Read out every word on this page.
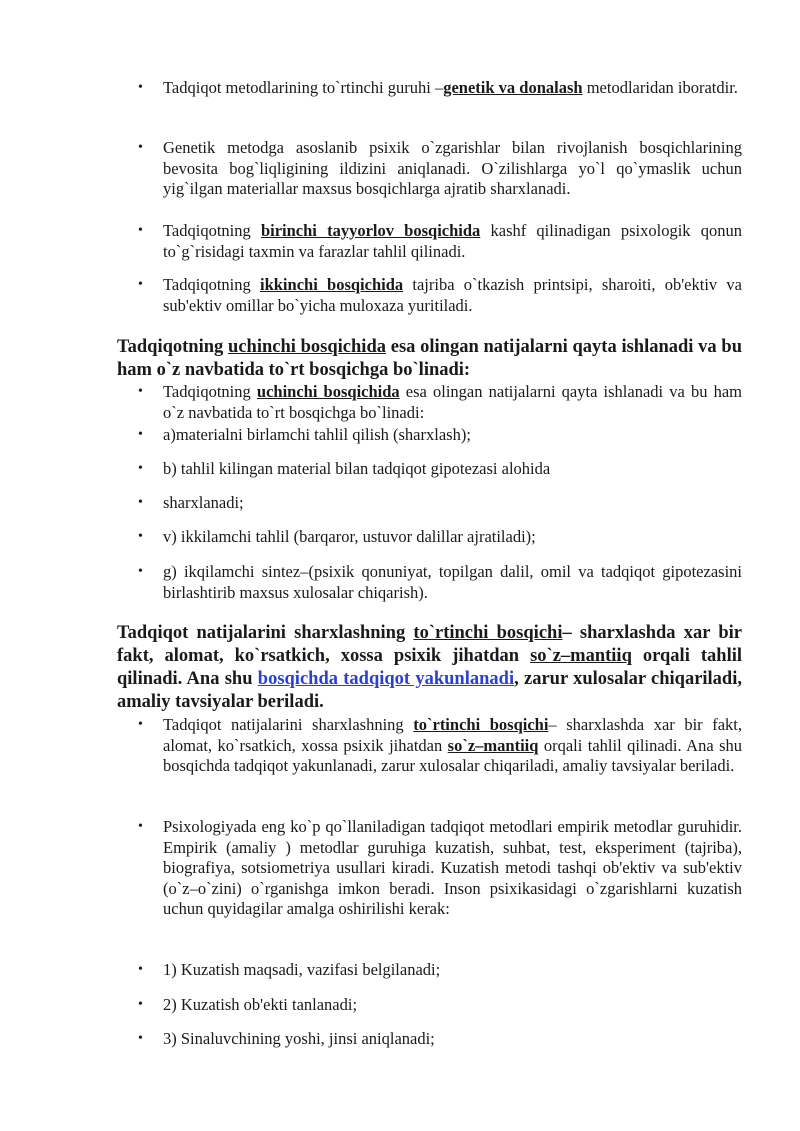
• Tadqiqot metodlarining to`rtinchi guruhi –genetik va donalash metodlaridan iboratdir.
• Genetik metodga asoslanib psixik o`zgarishlar bilan rivojlanish bosqichlarining bevosita bog`liqligining ildizini aniqlanadi. O`zilishlarga yo`l qo`ymaslik uchun yig`ilgan materiallar maxsus bosqichlarga ajratib sharxlanadi.
• Tadqiqotning birinchi tayyorlov bosqichida kashf qilinadigan psixologik qonun to`g`risidagi taxmin va farazlar tahlil qilinadi.
• Tadqiqotning ikkinchi bosqichida tajriba o`tkazish printsipi, sharoiti, ob'ektiv va sub'ektiv omillar bo`yicha muloxaza yuritiladi.
Tadqiqotning uchinchi bosqichida esa olingan natijalarni qayta ishlanadi va bu ham o`z navbatida to`rt bosqichga bo`linadi:
• Tadqiqotning uchinchi bosqichida esa olingan natijalarni qayta ishlanadi va bu ham o`z navbatida to`rt bosqichga bo`linadi:
• a)materialni birlamchi tahlil qilish (sharxlash);
• b) tahlil kilingan material bilan tadqiqot gipotezasi alohida
• sharxlanadi;
• v) ikkilamchi tahlil (barqaror, ustuvor dalillar ajratiladi);
• g) ikqilamchi sintez–(psixik qonuniyat, topilgan dalil, omil va tadqiqot gipotezasini birlashtirib maxsus xulosalar chiqarish).
Tadqiqot natijalarini sharxlashning to`rtinchi bosqichi– sharxlashda xar bir fakt, alomat, ko`rsatkich, xossa psixik jihatdan so`z–mantiiq orqali tahlil qilinadi. Ana shu bosqichda tadqiqot yakunlanadi, zarur xulosalar chiqariladi, amaliy tavsiyalar beriladi.
• Tadqiqot natijalarini sharxlashning to`rtinchi bosqichi– sharxlashda xar bir fakt, alomat, ko`rsatkich, xossa psixik jihatdan so`z–mantiiq orqali tahlil qilinadi. Ana shu bosqichda tadqiqot yakunlanadi, zarur xulosalar chiqariladi, amaliy tavsiyalar beriladi.
• Psixologiyada eng ko`p qo`llaniladigan tadqiqot metodlari empirik metodlar guruhidir. Empirik (amaliy ) metodlar guruhiga kuzatish, suhbat, test, eksperiment (tajriba), biografiya, sotsiometriya usullari kiradi. Kuzatish metodi tashqi ob'ektiv va sub'ektiv (o`z–o`zini) o`rganishga imkon beradi. Inson psixikasidagi o`zgarishlarni kuzatish uchun quyidagilar amalga oshirilishi kerak:
• 1) Kuzatish maqsadi, vazifasi belgilanadi;
• 2) Kuzatish ob'ekti tanlanadi;
• 3) Sinaluvchining yoshi, jinsi aniqlanadi;
